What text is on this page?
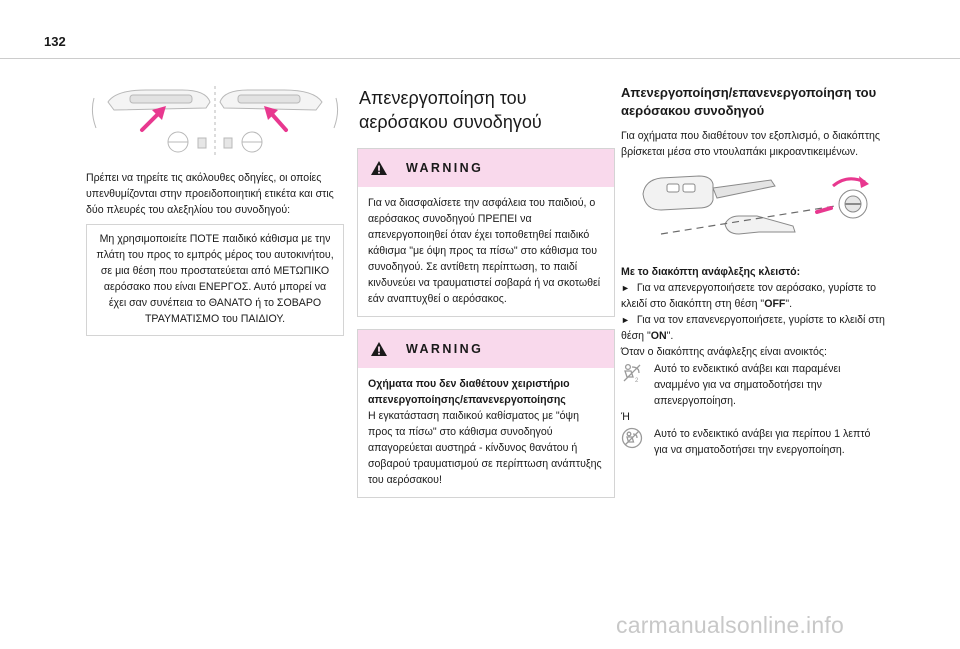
132

Πρέπει να τηρείτε τις ακόλουθες οδηγίες, οι οποίες υπενθυμίζονται στην προειδοποιητική ετικέτα και στις δύο πλευρές του αλεξηλίου του συνοδηγού:

Μη χρησιμοποιείτε ΠΟΤΕ παιδικό κάθισμα με την πλάτη του προς το εμπρός μέρος του αυτοκινήτου, σε μια θέση που προστατεύεται από ΜΕΤΩΠΙΚΟ αερόσακο που είναι ΕΝΕΡΓΟΣ. Αυτό μπορεί να έχει σαν συνέπεια το ΘΑΝΑΤΟ ή το ΣΟΒΑΡΟ ΤΡΑΥΜΑΤΙΣΜΟ του ΠΑΙΔΙΟΥ.

Απενεργοποίηση του αερόσακου συνοδηγού
WARNING

Για να διασφαλίσετε την ασφάλεια του παιδιού, ο αερόσακος συνοδηγού ΠΡΕΠΕΙ να απενεργοποιηθεί όταν έχει τοποθετηθεί παιδικό κάθισμα "με όψη προς τα πίσω" στο κάθισμα του συνοδηγού. Σε αντίθετη περίπτωση, το παιδί κινδυνεύει να τραυματιστεί σοβαρά ή να σκοτωθεί εάν αναπτυχθεί ο αερόσακος.

WARNING

Οχήματα που δεν διαθέτουν χειριστήριο απενεργοποίησης/επανενεργοποίησης

Η εγκατάσταση παιδικού καθίσματος με "όψη προς τα πίσω" στο κάθισμα συνοδηγού απαγορεύεται αυστηρά - κίνδυνος θανάτου ή σοβαρού τραυματισμού σε περίπτωση ανάπτυξης του αερόσακου!

Απενεργοποίηση/επανενεργοποίηση του αερόσακου συνοδηγού

Για οχήματα που διαθέτουν τον εξοπλισμό, ο διακόπτης βρίσκεται μέσα στο ντουλαπάκι μικροαντικειμένων.

Με το διακόπτη ανάφλεξης κλειστό:

► Για να απενεργοποιήσετε τον αερόσακο, γυρίστε το κλειδί στο διακόπτη στη θέση "OFF".

► Για να τον επανενεργοποιήσετε, γυρίστε το κλειδί στη θέση "ON".

Όταν ο διακόπτης ανάφλεξης είναι ανοικτός:

2

Αυτό το ενδεικτικό ανάβει και παραμένει αναμμένο για να σηματοδοτήσει την απενεργοποίηση.

Ή

Αυτό το ενδεικτικό ανάβει για περίπου 1 λεπτό για να σηματοδοτήσει την ενεργοποίηση.

carmanualsonline.info
